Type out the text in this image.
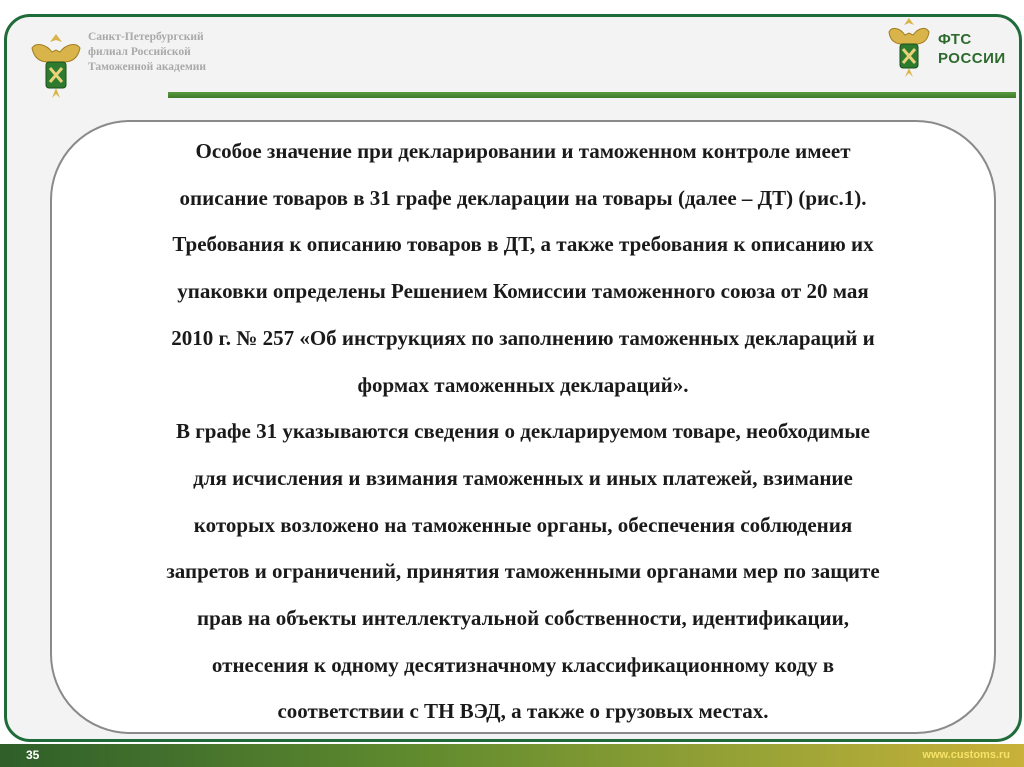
Санкт-Петербургский
филиал Российской
Таможенной академии
ФТС
РОССИИ
Особое значение при декларировании и таможенном контроле имеет
описание товаров в 31 графе декларации на товары (далее – ДТ) (рис.1).
Требования к описанию товаров в ДТ, а также требования к описанию их
упаковки определены Решением Комиссии таможенного союза от 20 мая
2010 г. № 257 «Об инструкциях по заполнению таможенных деклараций и
формах таможенных деклараций».
В графе 31 указываются сведения о декларируемом товаре, необходимые
для исчисления и взимания таможенных и иных платежей, взимание
которых возложено на таможенные органы, обеспечения соблюдения
запретов и ограничений, принятия таможенными органами мер по защите
прав на объекты интеллектуальной собственности, идентификации,
отнесения к одному десятизначному классификационному коду в
соответствии с ТН ВЭД, а также о грузовых местах.
35	www.customs.ru
